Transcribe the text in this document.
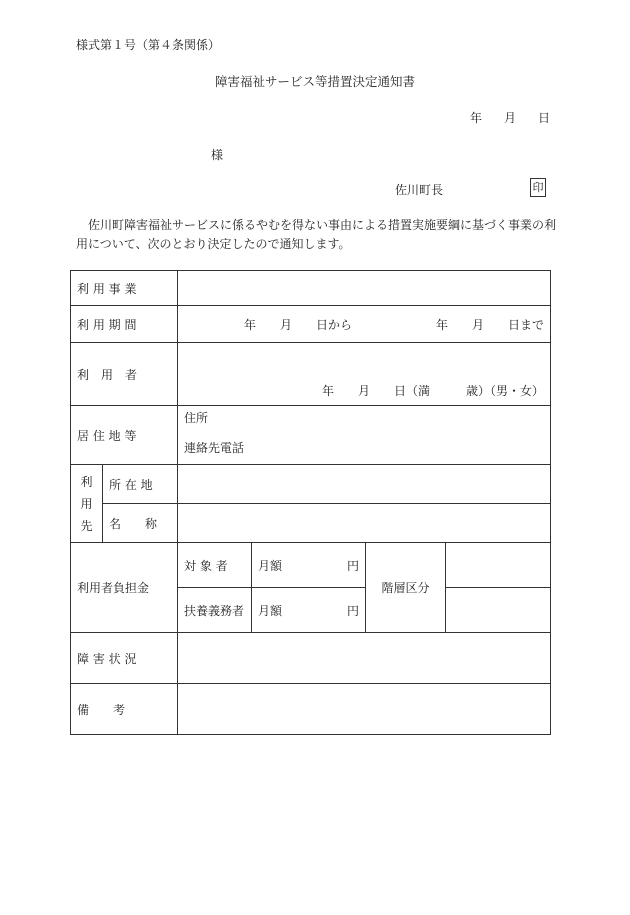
様式第１号（第４条関係）
障害福祉サービス等措置決定通知書
年 月 日
様
佐川町長	印
　佐川町障害福祉サービスに係るやむを得ない事由による措置実施要綱に基づく事業の利用について、次のとおり決定したので通知します。
利 用 事 業					
利 用 期 間		年　　月　　日から 年　　月　　日まで			

利　用　者		年　　月　　日（満　　　歳）（男・女）			
居 住 地 等		住所
連絡先電話			

利用先	所 在 地				
	名　　称				
利用者負担金		対 象 者	月額 円	階層区分	
		扶養義務者	月額 円		

障 害 状 況					
備　　考					
